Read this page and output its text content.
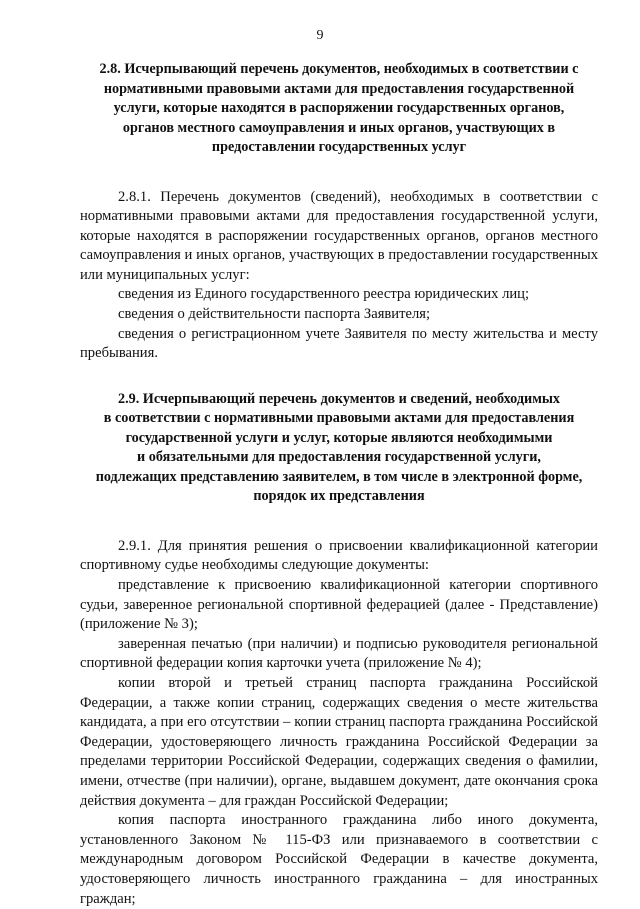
9
2.8. Исчерпывающий перечень документов, необходимых в соответствии с
нормативными правовыми актами для предоставления государственной
услуги, которые находятся в распоряжении государственных органов,
органов местного самоуправления и иных органов, участвующих в
предоставлении государственных услуг

2.8.1. Перечень документов (сведений), необходимых в соответствии с нормативными правовыми актами для предоставления государственной услуги, которые находятся в распоряжении государственных органов, органов местного самоуправления и иных органов, участвующих в предоставлении государственных или муниципальных услуг:

сведения из Единого государственного реестра юридических лиц;

сведения о действительности паспорта Заявителя;

сведения о регистрационном учете Заявителя по месту жительства и месту пребывания.

2.9. Исчерпывающий перечень документов и сведений, необходимых
в соответствии с нормативными правовыми актами для предоставления
государственной услуги и услуг, которые являются необходимыми
и обязательными для предоставления государственной услуги,
подлежащих представлению заявителем, в том числе в электронной форме,
порядок их представления

2.9.1. Для принятия решения о присвоении квалификационной категории спортивному судье необходимы следующие документы:

представление к присвоению квалификационной категории спортивного судьи, заверенное региональной спортивной федерацией (далее - Представление) (приложение № 3);

заверенная печатью (при наличии) и подписью руководителя региональной спортивной федерации копия карточки учета (приложение № 4);

копии второй и третьей страниц паспорта гражданина Российской Федерации, а также копии страниц, содержащих сведения о месте жительства кандидата, а при его отсутствии – копии страниц паспорта гражданина Российской Федерации, удостоверяющего личность гражданина Российской Федерации за пределами территории Российской Федерации, содержащих сведения о фамилии, имени, отчестве (при наличии), органе, выдавшем документ, дате окончания срока действия документа – для граждан Российской Федерации;

копия паспорта иностранного гражданина либо иного документа, установленного Законом № 115-ФЗ или признаваемого в соответствии с международным договором Российской Федерации в качестве документа, удостоверяющего личность иностранного гражданина – для иностранных граждан;
